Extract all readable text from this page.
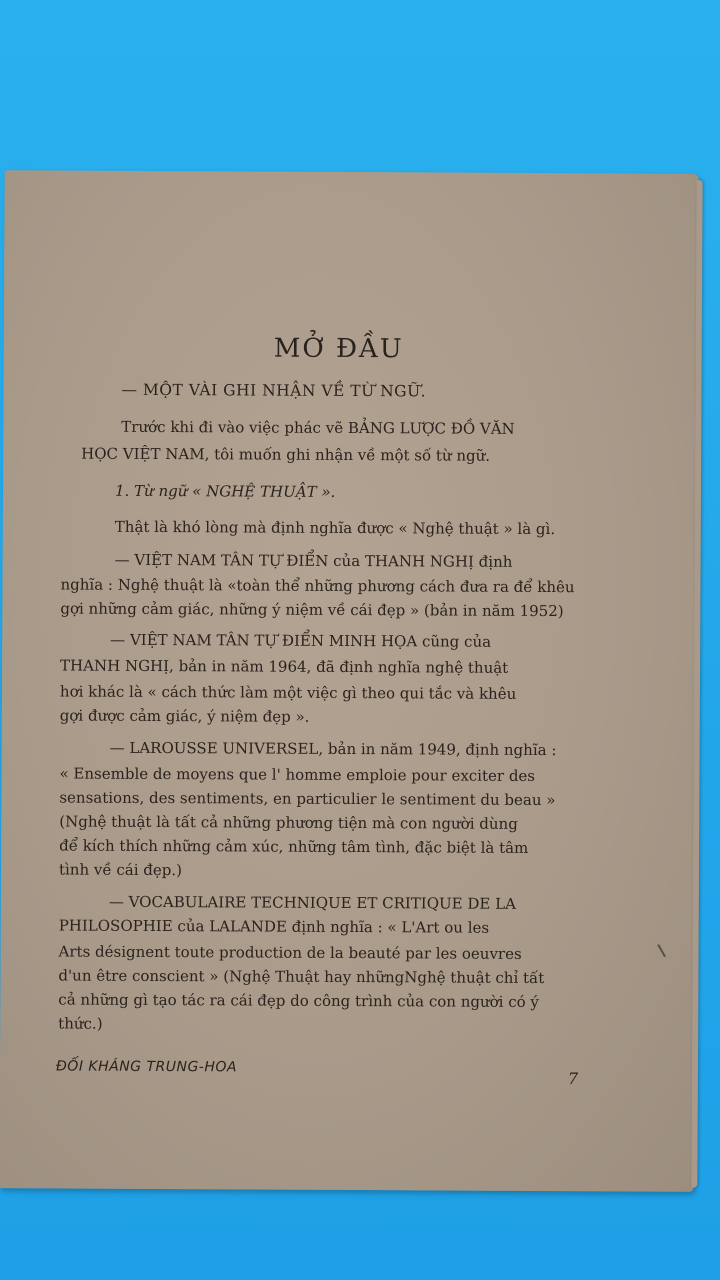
MỞ ĐẦU
— MỘT VÀI GHI NHẬN VỀ TỪ NGỮ.
Trước khi đi vào việc phác vẽ BẢNG LƯỢC ĐỒ VĂN
HỌC VIỆT NAM, tôi muốn ghi nhận về một số từ ngữ.
1. Từ ngữ « NGHỆ THUẬT ».
Thật là khó lòng mà định nghĩa được « Nghệ thuật » là gì.
— VIỆT NAM TÂN TỰ ĐIỂN của THANH NGHỊ định
nghĩa : Nghệ thuật là «toàn thể những phương cách đưa ra để khêu
gợi những cảm giác, những ý niệm về cái đẹp » (bản in năm 1952)
— VIỆT NAM TÂN TỰ ĐIỂN MINH HỌA cũng của
THANH NGHỊ, bản in năm 1964, đã định nghĩa nghệ thuật
hơi khác là « cách thức làm một việc gì theo qui tắc và khêu
gợi được cảm giác, ý niệm đẹp ».
— LAROUSSE UNIVERSEL, bản in năm 1949, định nghĩa :
« Ensemble de moyens que l' homme emploie pour exciter des
sensations, des sentiments, en particulier le sentiment du beau »
(Nghệ thuật là tất cả những phương tiện mà con người dùng
để kích thích những cảm xúc, những tâm tình, đặc biệt là tâm
tình về cái đẹp.)
— VOCABULAIRE TECHNIQUE ET CRITIQUE DE LA
PHILOSOPHIE của LALANDE định nghĩa : « L'Art ou les
Arts désignent toute production de la beauté par les oeuvres
d'un être conscient » (Nghệ Thuật hay nhữngNghệ thuật chỉ tất
cả những gì tạo tác ra cái đẹp do công trình của con người có ý
thức.)
ĐỐI KHÁNG TRUNG-HOA
7
